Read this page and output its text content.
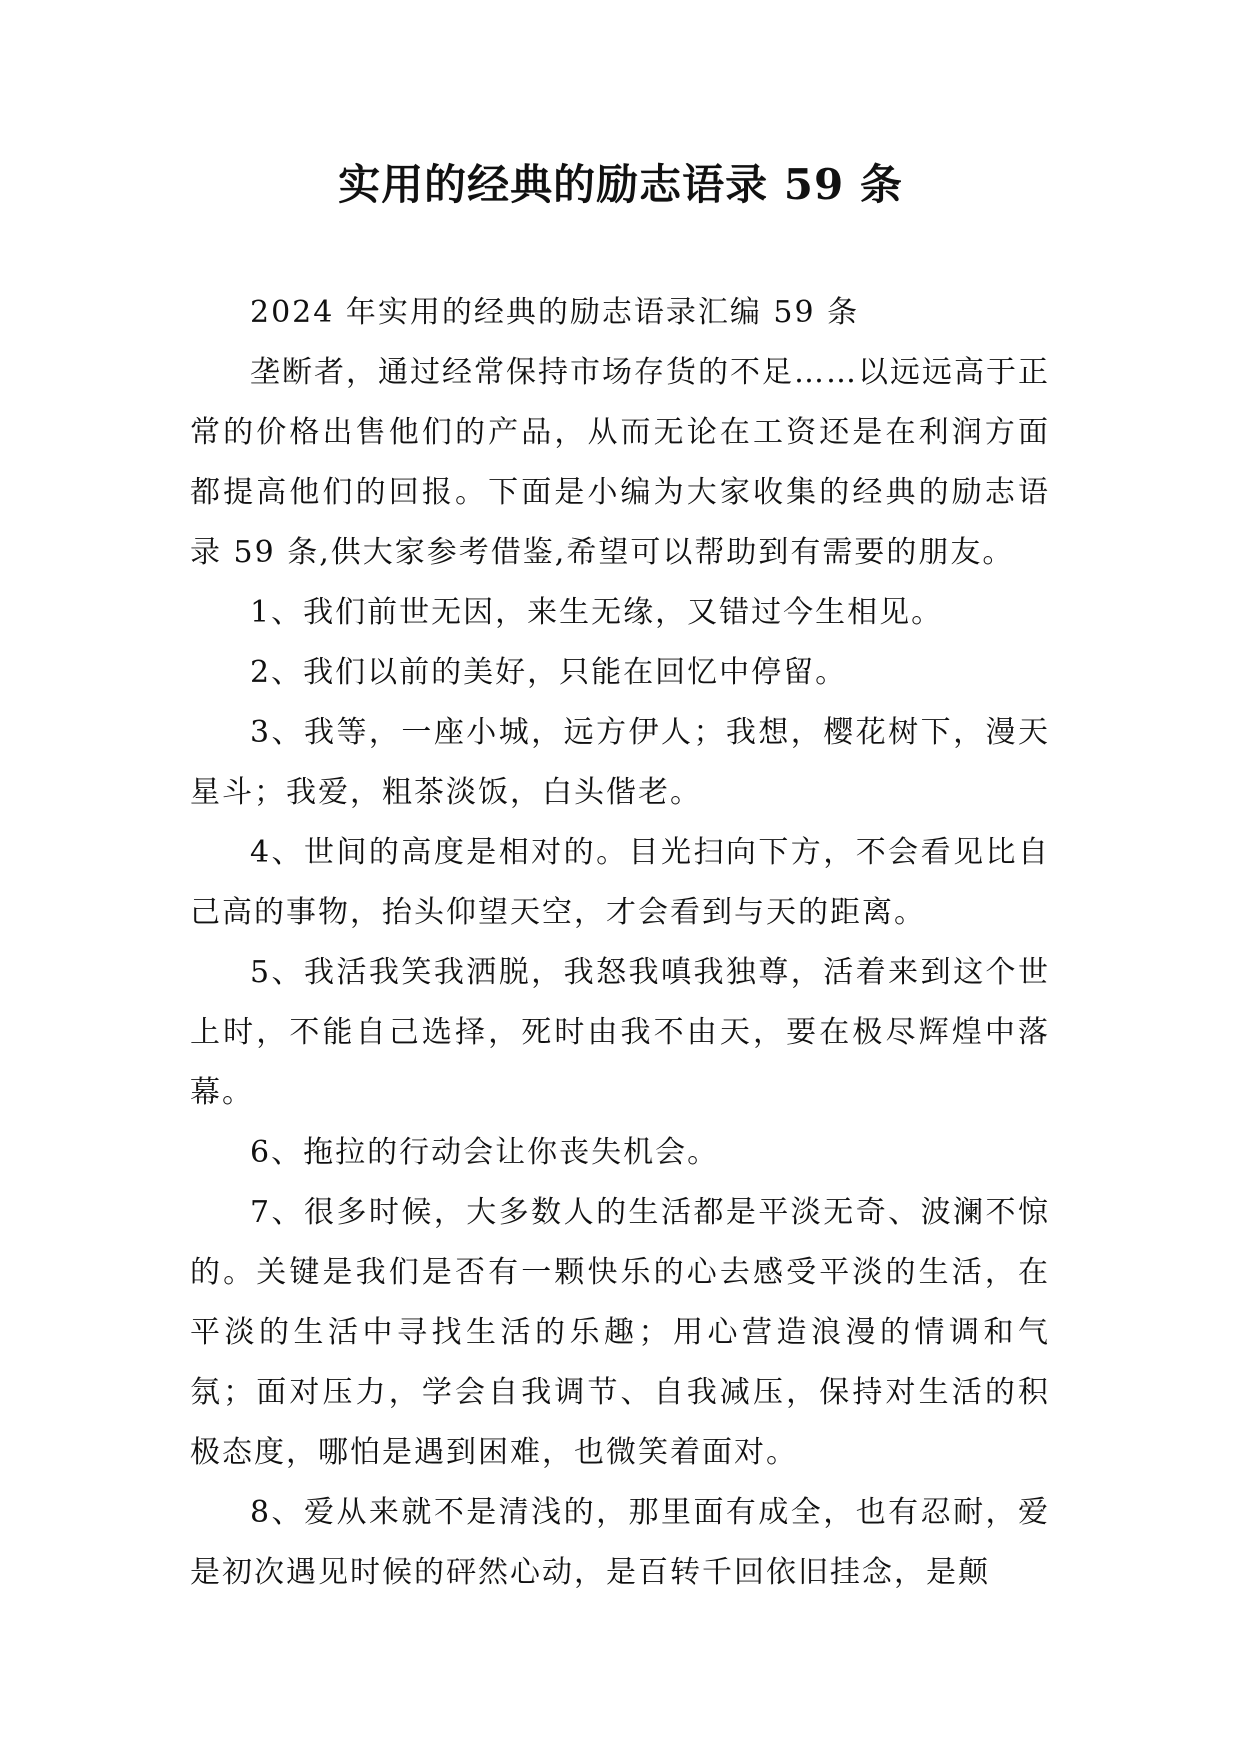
实用的经典的励志语录 59 条

2024 年实用的经典的励志语录汇编 59 条

垄断者，通过经常保持市场存货的不足……以远远高于正常的价格出售他们的产品，从而无论在工资还是在利润方面都提高他们的回报。下面是小编为大家收集的经典的励志语录 59 条,供大家参考借鉴,希望可以帮助到有需要的朋友。

1、我们前世无因，来生无缘，又错过今生相见。

2、我们以前的美好，只能在回忆中停留。

3、我等，一座小城，远方伊人；我想，樱花树下，漫天星斗；我爱，粗茶淡饭，白头偕老。

4、世间的高度是相对的。目光扫向下方，不会看见比自己高的事物，抬头仰望天空，才会看到与天的距离。

5、我活我笑我洒脱，我怒我嗔我独尊，活着来到这个世上时，不能自己选择，死时由我不由天，要在极尽辉煌中落幕。

6、拖拉的行动会让你丧失机会。

7、很多时候，大多数人的生活都是平淡无奇、波澜不惊的。关键是我们是否有一颗快乐的心去感受平淡的生活，在平淡的生活中寻找生活的乐趣；用心营造浪漫的情调和气氛；面对压力，学会自我调节、自我减压，保持对生活的积极态度，哪怕是遇到困难，也微笑着面对。

8、爱从来就不是清浅的，那里面有成全，也有忍耐，爱是初次遇见时候的砰然心动，是百转千回依旧挂念，是颠
